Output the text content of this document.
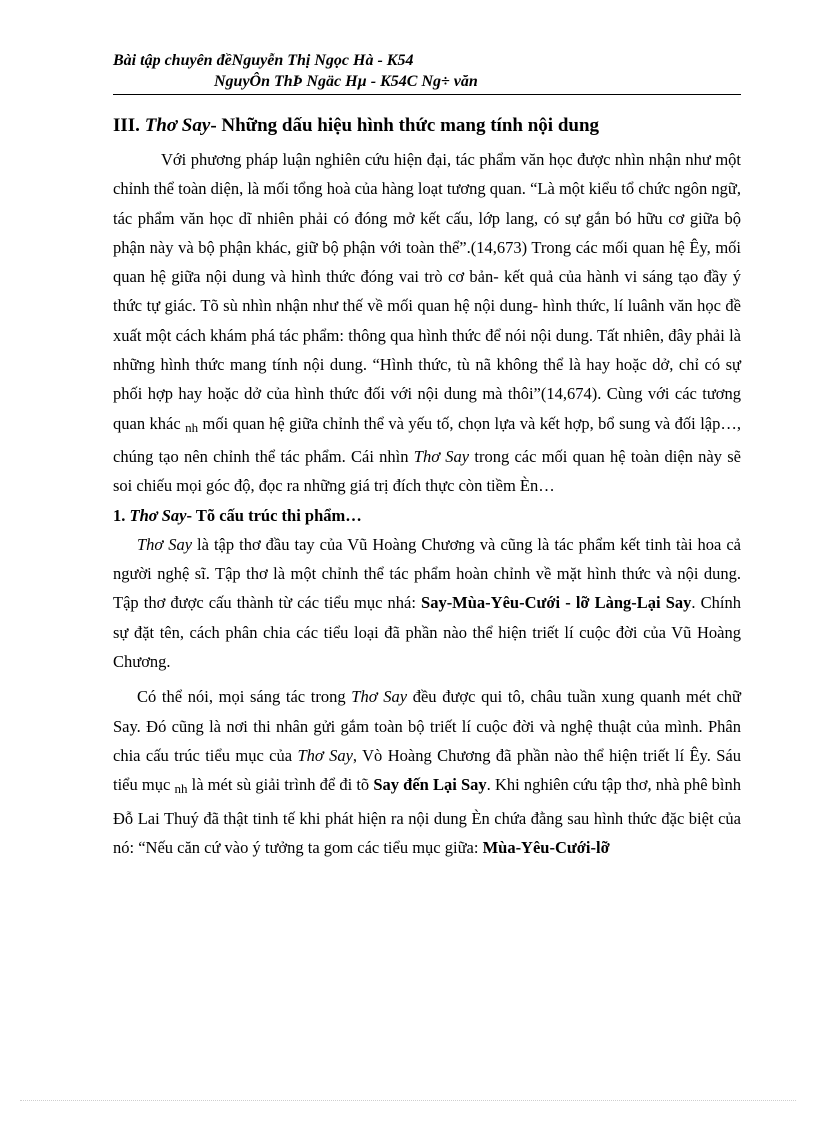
Bài tập chuyên đềNguyễn Thị Ngọc Hà - K54
NguyÔn ThÞ Ngäc Hµ - K54C Ng÷ văn
III. Thơ Say- Những dấu hiệu hình thức mang tính nội dung

Với phương pháp luận nghiên cứu hiện đại, tác phẩm văn học được nhìn nhận như một chỉnh thể toàn diện, là mối tổng hoà của hàng loạt tương quan. “Là một kiểu tổ chức ngôn ngữ, tác phẩm văn học dĩ nhiên phải có đóng mở kết cấu, lớp lang, có sự gắn bó hữu cơ giữa bộ phận này và bộ phận khác, giữ bộ phận với toàn thể”.(14,673) Trong các mối quan hệ Êy, mối quan hệ giữa nội dung và hình thức đóng vai trò cơ bản- kết quả của hành vi sáng tạo đầy ý thức tự giác. Tõ sù nhìn nhận như thế về mối quan hệ nội dung- hình thức, lí luânh văn học đề xuất một cách khám phá tác phẩm: thông qua hình thức để nói nội dung. Tất nhiên, đây phải là những hình thức mang tính nội dung. “Hình thức, tù nã không thể là hay hoặc dở, chỉ có sự phối hợp hay hoặc dở của hình thức đối với nội dung mà thôi”(14,674). Cùng với các tương quan khác nh mối quan hệ giữa chỉnh thể và yếu tố, chọn lựa và kết hợp, bổ sung và đối lập…, chúng tạo nên chỉnh thể tác phẩm. Cái nhìn Thơ Say trong các mối quan hệ toàn diện này sẽ soi chiếu mọi góc độ, đọc ra những giá trị đích thực còn tiềm Èn…

1. Thơ Say- Tõ cấu trúc thi phẩm…

Thơ Say là tập thơ đầu tay của Vũ Hoàng Chương và cũng là tác phẩm kết tinh tài hoa cả người nghệ sĩ. Tập thơ là một chỉnh thể tác phẩm hoàn chỉnh về mặt hình thức và nội dung. Tập thơ được cấu thành từ các tiểu mục nhá: Say-Mùa-Yêu-Cưới - lỡ Làng-Lại Say. Chính sự đặt tên, cách phân chia các tiểu loại đã phần nào thể hiện triết lí cuộc đời của Vũ Hoàng Chương.

Có thể nói, mọi sáng tác trong Thơ Say đều được qui tô, châu tuần xung quanh mét chữ Say. Đó cũng là nơi thi nhân gửi gắm toàn bộ triết lí cuộc đời và nghệ thuật của mình. Phân chia cấu trúc tiểu mục của Thơ Say, Vò Hoàng Chương đã phần nào thể hiện triết lí Êy. Sáu tiểu mục nh là mét sù giải trình để đi tõ Say đến Lại Say. Khi nghiên cứu tập thơ, nhà phê bình Đỗ Lai Thuý đã thật tinh tế khi phát hiện ra nội dung Èn chứa đằng sau hình thức đặc biệt của nó: “Nếu căn cứ vào ý tưởng ta gom các tiểu mục giữa: Mùa-Yêu-Cưới-lỡ
